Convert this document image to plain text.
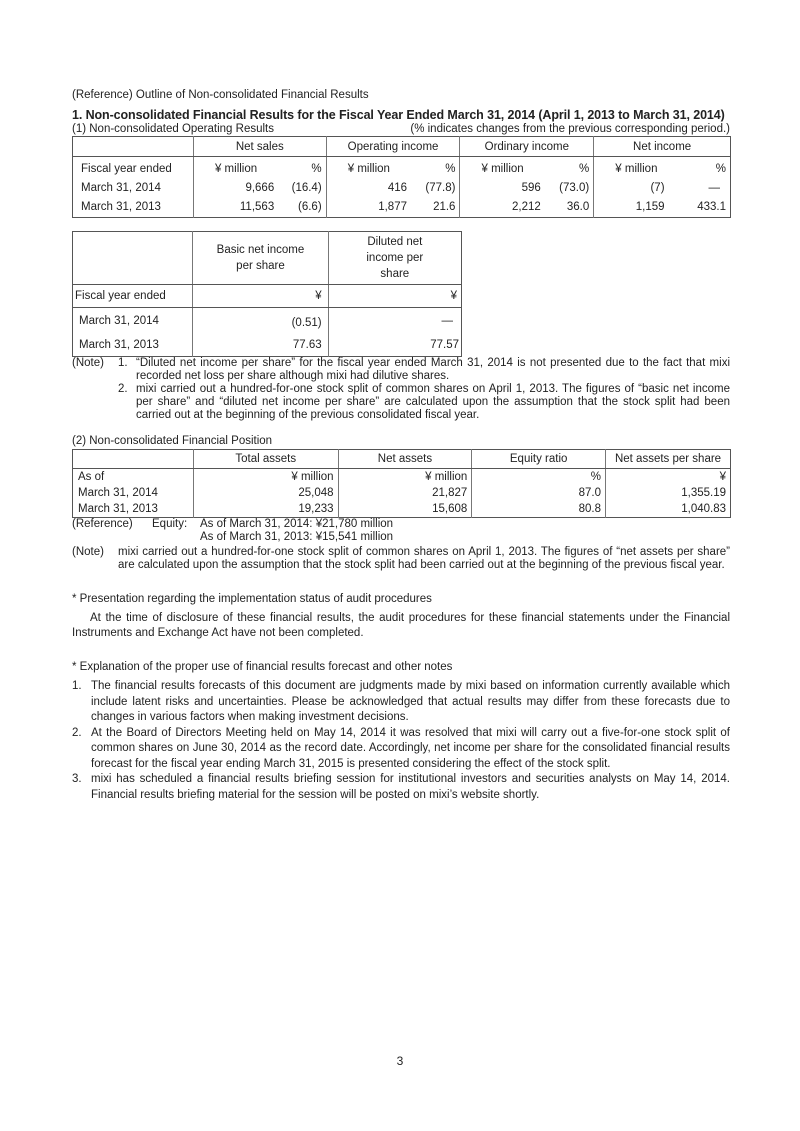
(Reference) Outline of Non-consolidated Financial Results
1. Non-consolidated Financial Results for the Fiscal Year Ended March 31, 2014 (April 1, 2013 to March 31, 2014)
(1) Non-consolidated Operating Results	(% indicates changes from the previous corresponding period.)
	Net sales		Operating income		Ordinary income		Net income	
Fiscal year ended	¥ million	%	¥ million	%	¥ million	%	¥ million	%
March 31, 2014	9,666	(16.4)	416	(77.8)	596	(73.0)	(7)	—
March 31, 2013	11,563	(6.6)	1,877	21.6	2,212	36.0	1,159	433.1
	Basic net income per share	Diluted net income per share
Fiscal year ended	¥	¥
March 31, 2014	(0.51)	—
March 31, 2013	77.63	77.57
(Note)	1. “Diluted net income per share” for the fiscal year ended March 31, 2014 is not presented due to the fact that mixi recorded net loss per share although mixi had dilutive shares.
2. mixi carried out a hundred-for-one stock split of common shares on April 1, 2013. The figures of “basic net income per share” and “diluted net income per share” are calculated upon the assumption that the stock split had been carried out at the beginning of the previous consolidated fiscal year.
(2) Non-consolidated Financial Position
	Total assets	Net assets	Equity ratio	Net assets per share
As of	¥ million	¥ million	%	¥
March 31, 2014	25,048	21,827	87.0	1,355.19
March 31, 2013	19,233	15,608	80.8	1,040.83
(Reference)	Equity:	As of March 31, 2014: ¥21,780 million
As of March 31, 2013: ¥15,541 million
(Note)	mixi carried out a hundred-for-one stock split of common shares on April 1, 2013. The figures of “net assets per share” are calculated upon the assumption that the stock split had been carried out at the beginning of the previous fiscal year.
* Presentation regarding the implementation status of audit procedures
At the time of disclosure of these financial results, the audit procedures for these financial statements under the Financial Instruments and Exchange Act have not been completed.
* Explanation of the proper use of financial results forecast and other notes
1. The financial results forecasts of this document are judgments made by mixi based on information currently available which include latent risks and uncertainties. Please be acknowledged that actual results may differ from these forecasts due to changes in various factors when making investment decisions.
2. At the Board of Directors Meeting held on May 14, 2014 it was resolved that mixi will carry out a five-for-one stock split of common shares on June 30, 2014 as the record date. Accordingly, net income per share for the consolidated financial results forecast for the fiscal year ending March 31, 2015 is presented considering the effect of the stock split.
3. mixi has scheduled a financial results briefing session for institutional investors and securities analysts on May 14, 2014. Financial results briefing material for the session will be posted on mixi’s website shortly.
3
